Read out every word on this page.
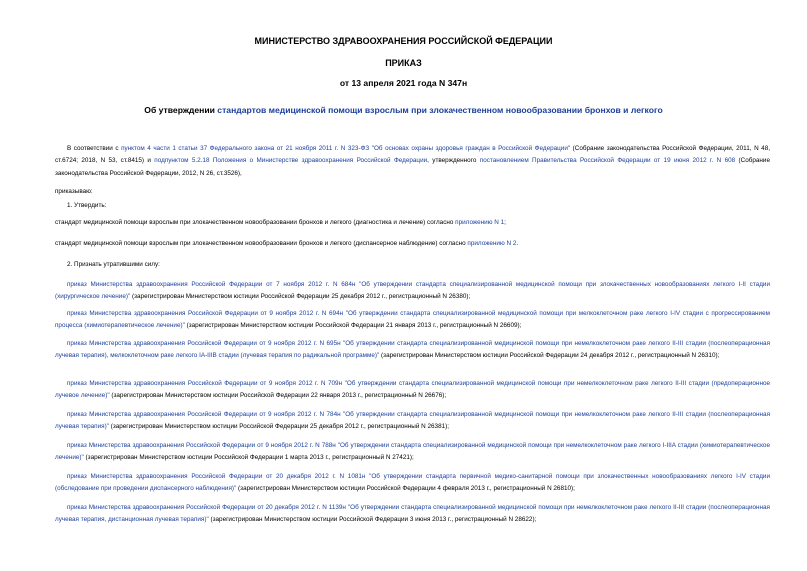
МИНИСТЕРСТВО ЗДРАВООХРАНЕНИЯ РОССИЙСКОЙ ФЕДЕРАЦИИ
ПРИКАЗ
от 13 апреля 2021 года N 347н
Об утверждении стандартов медицинской помощи взрослым при злокачественном новообразовании бронхов и легкого
В соответствии с пунктом 4 части 1 статьи 37 Федерального закона от 21 ноября 2011 г. N 323-ФЗ "Об основах охраны здоровья граждан в Российской Федерации" (Собрание законодательства Российской Федерации, 2011, N 48, ст.6724; 2018, N 53, ст.8415) и подпунктом 5.2.18 Положения о Министерстве здравоохранения Российской Федерации, утвержденного постановлением Правительства Российской Федерации от 19 июня 2012 г. N 608 (Собрание законодательства Российской Федерации, 2012, N 26, ст.3526),
приказываю:
1. Утвердить:
стандарт медицинской помощи взрослым при злокачественном новообразовании бронхов и легкого (диагностика и лечение) согласно приложению N 1;
стандарт медицинской помощи взрослым при злокачественном новообразовании бронхов и легкого (диспансерное наблюдение) согласно приложению N 2.
2. Признать утратившими силу:
приказ Министерства здравоохранения Российской Федерации от 7 ноября 2012 г. N 684н "Об утверждении стандарта специализированной медицинской помощи при злокачественных новообразованиях легкого I-II стадии (хирургическое лечение)" (зарегистрирован Министерством юстиции Российской Федерации 25 декабря 2012 г., регистрационный N 26380);
приказ Министерства здравоохранения Российской Федерации от 9 ноября 2012 г. N 694н "Об утверждении стандарта специализированной медицинской помощи при мелкоклеточном раке легкого I-IV стадии с прогрессированием процесса (химиотерапевтическое лечение)" (зарегистрирован Министерством юстиции Российской Федерации 21 января 2013 г., регистрационный N 26609);
приказ Министерства здравоохранения Российской Федерации от 9 ноября 2012 г. N 695н "Об утверждении стандарта специализированной медицинской помощи при немелкоклеточном раке легкого II-III стадии (послеоперационная лучевая терапия), мелкоклеточном раке легкого IA-IIIB стадии (лучевая терапия по радикальной программе)" (зарегистрирован Министерством юстиции Российской Федерации 24 декабря 2012 г., регистрационный N 26310);
приказ Министерства здравоохранения Российской Федерации от 9 ноября 2012 г. N 709н "Об утверждении стандарта специализированной медицинской помощи при немелкоклеточном раке легкого II-III стадии (предоперационное лучевое лечение)" (зарегистрирован Министерством юстиции Российской Федерации 22 января 2013 г., регистрационный N 26676);
приказ Министерства здравоохранения Российской Федерации от 9 ноября 2012 г. N 784н "Об утверждении стандарта специализированной медицинской помощи при немелкоклеточном раке легкого II-III стадии (послеоперационная лучевая терапия)" (зарегистрирован Министерством юстиции Российской Федерации 25 декабря 2012 г., регистрационный N 26381);
приказ Министерства здравоохранения Российской Федерации от 9 ноября 2012 г. N 788н "Об утверждении стандарта специализированной медицинской помощи при немелкоклеточном раке легкого I-IIIA стадии (химиотерапевтическое лечение)" (зарегистрирован Министерством юстиции Российской Федерации 1 марта 2013 г., регистрационный N 27421);
приказ Министерства здравоохранения Российской Федерации от 20 декабря 2012 г. N 1081н "Об утверждении стандарта первичной медико-санитарной помощи при злокачественных новообразованиях легкого I-IV стадии (обследование при проведении диспансерного наблюдения)" (зарегистрирован Министерством юстиции Российской Федерации 4 февраля 2013 г., регистрационный N 26810);
приказ Министерства здравоохранения Российской Федерации от 20 декабря 2012 г. N 1139н "Об утверждении стандарта специализированной медицинской помощи при немелкоклеточном раке легкого II-III стадии (послеоперационная лучевая терапия, дистанционная лучевая терапия)" (зарегистрирован Министерством юстиции Российской Федерации 3 июня 2013 г., регистрационный N 28622);
